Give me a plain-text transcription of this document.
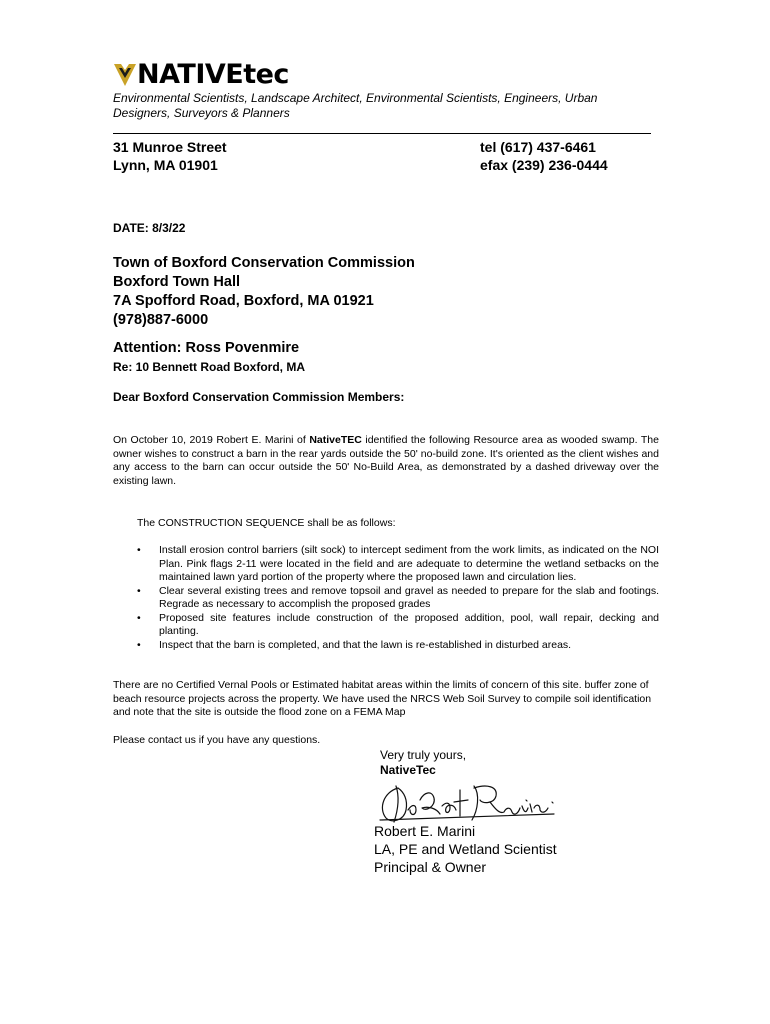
NATIVEtec
Environmental Scientists, Landscape Architect, Environmental Scientists, Engineers, Urban Designers, Surveyors & Planners
31 Munroe Street
Lynn, MA 01901
tel (617) 437-6461
efax (239) 236-0444
DATE: 8/3/22
Town of Boxford Conservation Commission
Boxford Town Hall
7A Spofford Road, Boxford, MA 01921
(978)887-6000
Attention: Ross Povenmire
Re: 10 Bennett Road Boxford, MA
Dear Boxford Conservation Commission Members:
On October 10, 2019 Robert E. Marini of NativeTEC identified the following Resource area as wooded swamp. The owner wishes to construct a barn in the rear yards outside the 50' no-build zone. It's oriented as the client wishes and any access to the barn can occur outside the 50' No-Build Area, as demonstrated by a dashed driveway over the existing lawn.
The CONSTRUCTION SEQUENCE shall be as follows:
• Install erosion control barriers (silt sock) to intercept sediment from the work limits, as indicated on the NOI Plan. Pink flags 2-11 were located in the field and are adequate to determine the wetland setbacks on the maintained lawn yard portion of the property where the proposed lawn and circulation lies.
• Clear several existing trees and remove topsoil and gravel as needed to prepare for the slab and footings. Regrade as necessary to accomplish the proposed grades
• Proposed site features include construction of the proposed addition, pool, wall repair, decking and planting.
• Inspect that the barn is completed, and that the lawn is re-established in disturbed areas.
There are no Certified Vernal Pools or Estimated habitat areas within the limits of concern of this site. buffer zone of beach resource projects across the property. We have used the NRCS Web Soil Survey to compile soil identification and note that the site is outside the flood zone on a FEMA Map
Please contact us if you have any questions.
Very truly yours,
NativeTec
Robert E. Marini
LA, PE and Wetland Scientist
Principal & Owner
